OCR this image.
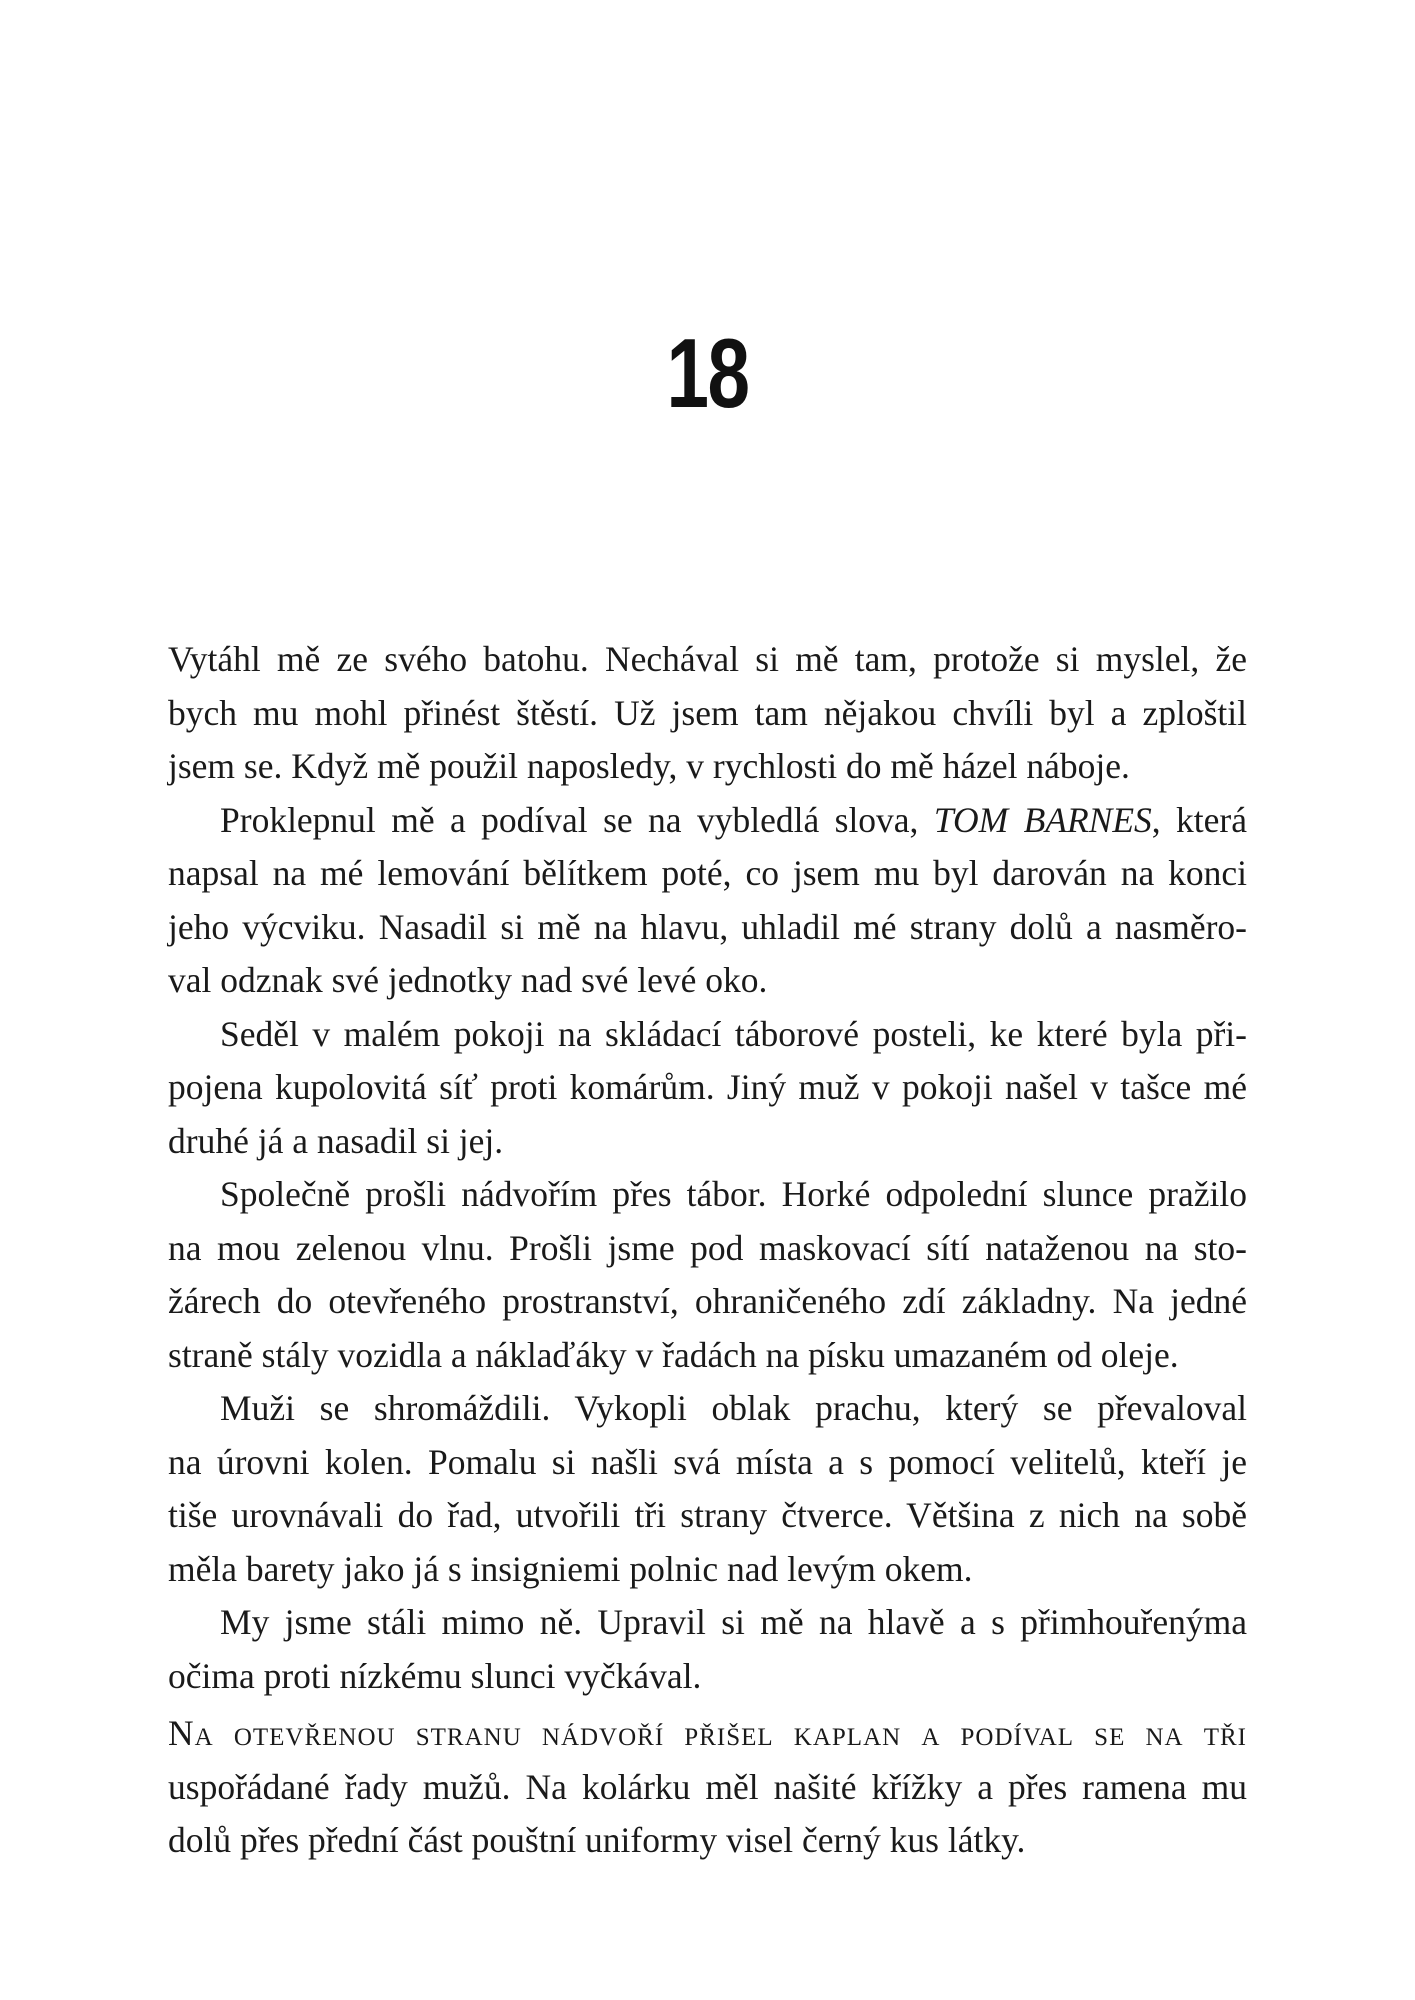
18

Vytáhl mě ze svého batohu. Nechával si mě tam, protože si myslel, že
bych mu mohl přinést štěstí. Už jsem tam nějakou chvíli byl a zploštil
jsem se. Když mě použil naposledy, v rychlosti do mě házel náboje.

Proklepnul mě a podíval se na vybledlá slova, TOM BARNES, která
napsal na mé lemování bělítkem poté, co jsem mu byl darován na konci
jeho výcviku. Nasadil si mě na hlavu, uhladil mé strany dolů a nasměro-
val odznak své jednotky nad své levé oko.

Seděl v malém pokoji na skládací táborové posteli, ke které byla při-
pojena kupolovitá síť proti komárům. Jiný muž v pokoji našel v tašce mé
druhé já a nasadil si jej.

Společně prošli nádvořím přes tábor. Horké odpolední slunce pražilo
na mou zelenou vlnu. Prošli jsme pod maskovací sítí nataženou na sto-
žárech do otevřeného prostranství, ohraničeného zdí základny. Na jedné
straně stály vozidla a náklaďáky v řadách na písku umazaném od oleje.

Muži se shromáždili. Vykopli oblak prachu, který se převaloval
na úrovni kolen. Pomalu si našli svá místa a s pomocí velitelů, kteří je
tiše urovnávali do řad, utvořili tři strany čtverce. Většina z nich na sobě
měla barety jako já s insigniemi polnic nad levým okem.

My jsme stáli mimo ně. Upravil si mě na hlavě a s přimhouřenýma
očima proti nízkému slunci vyčkával.

Na otevřenou stranu nádvoří přišel kaplan a podíval se na tři
uspořádané řady mužů. Na kolárku měl našité křížky a přes ramena mu
dolů přes přední část pouštní uniformy visel černý kus látky.
